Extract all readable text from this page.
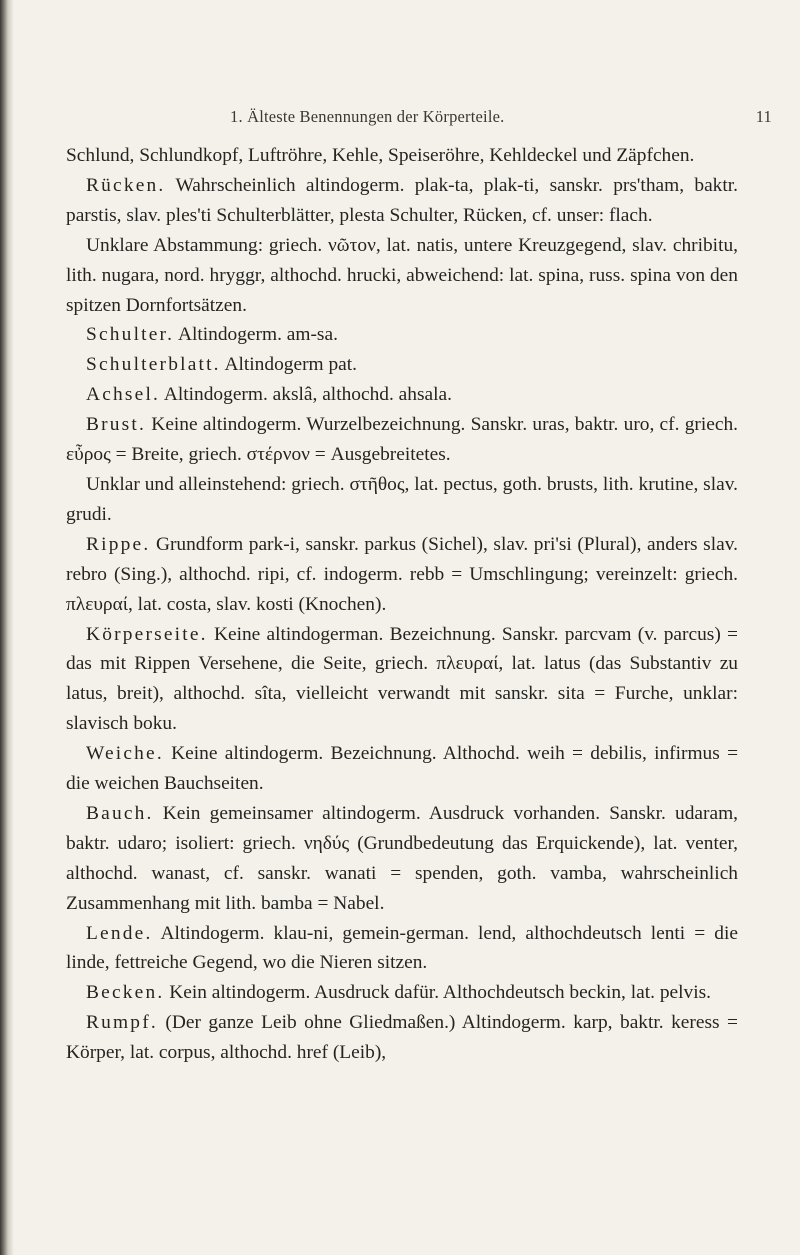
1. Älteste Benennungen der Körperteile.	11

Schlund, Schlundkopf, Luftröhre, Kehle, Speiseröhre, Kehldeckel und Zäpfchen.

Rücken. Wahrscheinlich altindogerm. plak-ta, plak-ti, sanskr. prs'tham, baktr. parstis, slav. ples'ti Schulterblätter, plesta Schulter, Rücken, cf. unser: flach.

Unklare Abstammung: griech. νῶτον, lat. natis, untere Kreuzgegend, slav. chribitu, lith. nugara, nord. hryggr, althochd. hrucki, abweichend: lat. spina, russ. spina von den spitzen Dornfortsätzen.

Schulter. Altindogerm. am-sa.

Schulterblatt. Altindogerm pat.

Achsel. Altindogerm. akslâ, althochd. ahsala.

Brust. Keine altindogerm. Wurzelbezeichnung. Sanskr. uras, baktr. uro, cf. griech. εὖρος = Breite, griech. στέρνον = Ausgebreitetes.

Unklar und alleinstehend: griech. στῆθος, lat. pectus, goth. brusts, lith. krutine, slav. grudi.

Rippe. Grundform park-i, sanskr. parkus (Sichel), slav. pri'si (Plural), anders slav. rebro (Sing.), althochd. ripi, cf. indogerm. rebb = Umschlingung; vereinzelt: griech. πλευραί, lat. costa, slav. kosti (Knochen).

Körperseite. Keine altindogerman. Bezeichnung. Sanskr. parcvam (v. parcus) = das mit Rippen Versehene, die Seite, griech. πλευραί, lat. latus (das Substantiv zu latus, breit), althochd. sîta, vielleicht verwandt mit sanskr. sita = Furche, unklar: slavisch boku.

Weiche. Keine altindogerm. Bezeichnung. Althochd. weih = debilis, infirmus = die weichen Bauchseiten.

Bauch. Kein gemeinsamer altindogerm. Ausdruck vorhanden. Sanskr. udaram, baktr. udaro; isoliert: griech. νηδύς (Grundbedeutung das Erquickende), lat. venter, althochd. wanast, cf. sanskr. wanati = spenden, goth. vamba, wahrscheinlich Zusammenhang mit lith. bamba = Nabel.

Lende. Altindogerm. klau-ni, gemein-german. lend, althochdeutsch lenti = die linde, fettreiche Gegend, wo die Nieren sitzen.

Becken. Kein altindogerm. Ausdruck dafür. Althochdeutsch beckin, lat. pelvis.

Rumpf. (Der ganze Leib ohne Gliedmaßen.) Altindogerm. karp, baktr. keress = Körper, lat. corpus, althochd. href (Leib),
